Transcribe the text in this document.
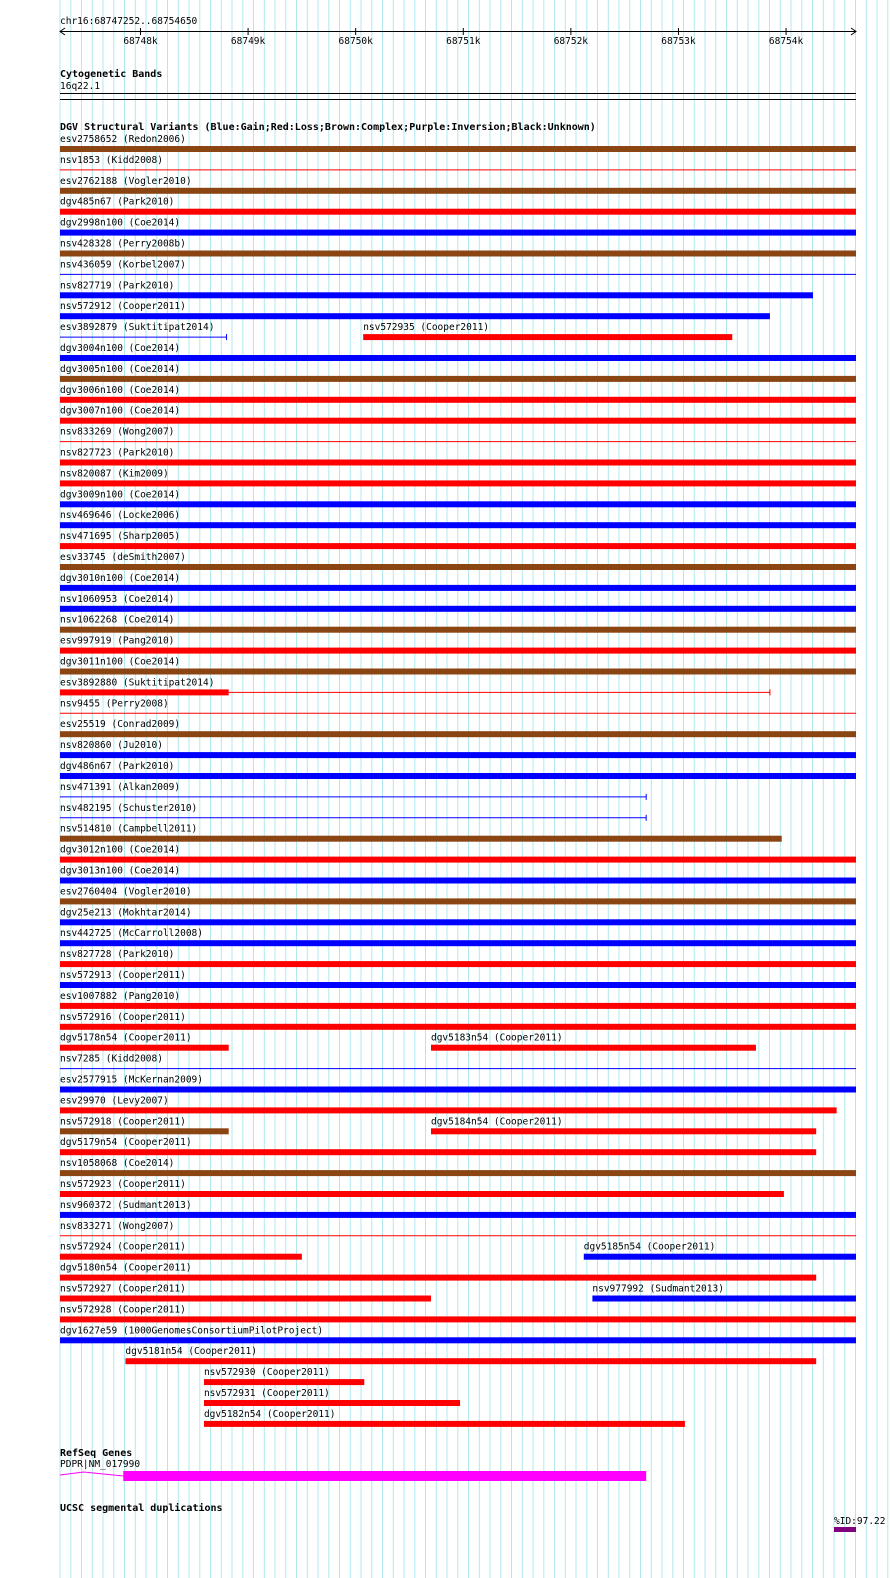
chr16:68747252..68754650
68748k	68749k	68750k	68751k	68752k	68753k	68754k
Cytogenetic Bands
16q22.1
DGV Structural Variants (Blue:Gain;Red:Loss;Brown:Complex;Purple:Inversion;Black:Unknown)
esv2758652 (Redon2006)
nsv1853 (Kidd2008)
esv2762188 (Vogler2010)
dgv485n67 (Park2010)
dgv2998n100 (Coe2014)
nsv428328 (Perry2008b)
nsv436059 (Korbel2007)
nsv827719 (Park2010)
nsv572912 (Cooper2011)
esv3892879 (Suktitipat2014)	nsv572935 (Cooper2011)
dgv3004n100 (Coe2014)
dgv3005n100 (Coe2014)
dgv3006n100 (Coe2014)
dgv3007n100 (Coe2014)
nsv833269 (Wong2007)
nsv827723 (Park2010)
nsv820087 (Kim2009)
dgv3009n100 (Coe2014)
nsv469646 (Locke2006)
nsv471695 (Sharp2005)
esv33745 (deSmith2007)
dgv3010n100 (Coe2014)
nsv1060953 (Coe2014)
nsv1062268 (Coe2014)
esv997919 (Pang2010)
dgv3011n100 (Coe2014)
esv3892880 (Suktitipat2014)
nsv9455 (Perry2008)
esv25519 (Conrad2009)
nsv820860 (Ju2010)
dgv486n67 (Park2010)
nsv471391 (Alkan2009)
nsv482195 (Schuster2010)
nsv514810 (Campbell2011)
dgv3012n100 (Coe2014)
dgv3013n100 (Coe2014)
esv2760404 (Vogler2010)
dgv25e213 (Mokhtar2014)
nsv442725 (McCarroll2008)
nsv827728 (Park2010)
nsv572913 (Cooper2011)
esv1007882 (Pang2010)
nsv572916 (Cooper2011)
dgv5178n54 (Cooper2011)	dgv5183n54 (Cooper2011)
nsv7285 (Kidd2008)
esv2577915 (McKernan2009)
esv29970 (Levy2007)
nsv572918 (Cooper2011)	dgv5184n54 (Cooper2011)
dgv5179n54 (Cooper2011)
nsv1058068 (Coe2014)
nsv572923 (Cooper2011)
nsv960372 (Sudmant2013)
nsv833271 (Wong2007)
nsv572924 (Cooper2011)	dgv5185n54 (Cooper2011)
dgv5180n54 (Cooper2011)
nsv572927 (Cooper2011)	nsv977992 (Sudmant2013)
nsv572928 (Cooper2011)
dgv1627e59 (1000GenomesConsortiumPilotProject)
dgv5181n54 (Cooper2011)
nsv572930 (Cooper2011)
nsv572931 (Cooper2011)
dgv5182n54 (Cooper2011)
RefSeq Genes
PDPR|NM_017990
UCSC segmental duplications
%ID:97.22
